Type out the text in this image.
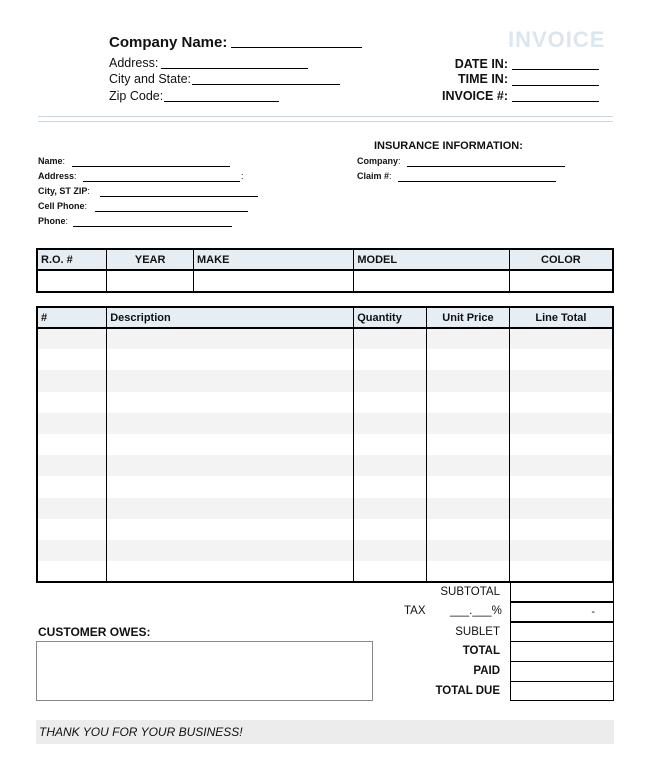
Company Name:
Address:
City and State:
Zip Code:
INVOICE
DATE IN:
TIME IN:
INVOICE #:
Name:
Address:	:
City, ST ZIP:
Cell Phone:
Phone:
INSURANCE INFORMATION:
Company:
Claim #:
R.O. #	YEAR	MAKE	MODEL	COLOR

#	Description	Quantity	Unit Price	Line Total

SUBTOTAL
TAX ___.___%	-
SUBLET
TOTAL
PAID
TOTAL DUE
CUSTOMER OWES:
THANK YOU FOR YOUR BUSINESS!
